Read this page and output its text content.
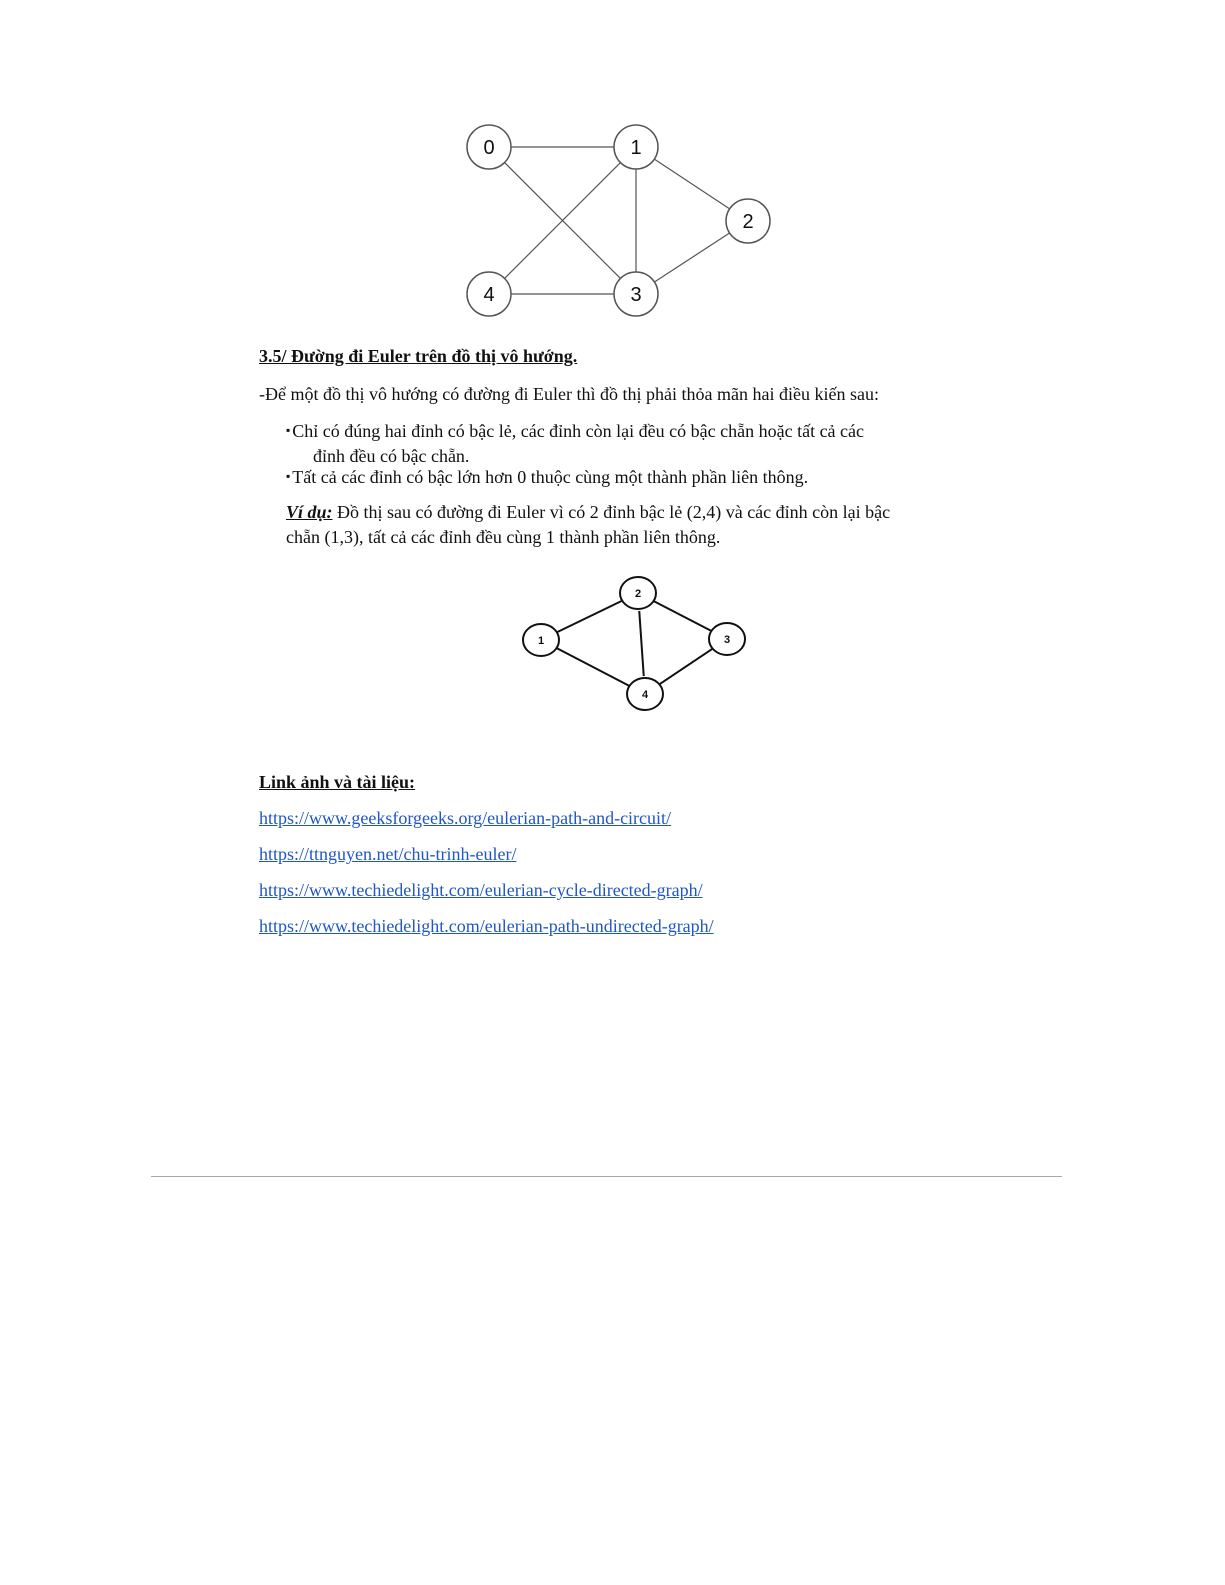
0	1
2
3
4
3.5/ Đường đi Euler trên đồ thị vô hướng.
-Để một đồ thị vô hướng có đường đi Euler thì đồ thị phải thỏa mãn hai điều kiến sau:
▪ Chỉ có đúng hai đỉnh có bậc lẻ, các đỉnh còn lại đều có bậc chẵn hoặc tất cả các
đỉnh đều có bậc chẵn.
▪ Tất cả các đỉnh có bậc lớn hơn 0 thuộc cùng một thành phần liên thông.
Ví dụ: Đồ thị sau có đường đi Euler vì có 2 đỉnh bậc lẻ (2,4) và các đỉnh còn lại bậc
chẵn (1,3), tất cả các đỉnh đều cùng 1 thành phần liên thông.
1
2
3
4
Link ảnh và tài liệu:
https://www.geeksforgeeks.org/eulerian-path-and-circuit/
https://ttnguyen.net/chu-trinh-euler/
https://www.techiedelight.com/eulerian-cycle-directed-graph/
https://www.techiedelight.com/eulerian-path-undirected-graph/
